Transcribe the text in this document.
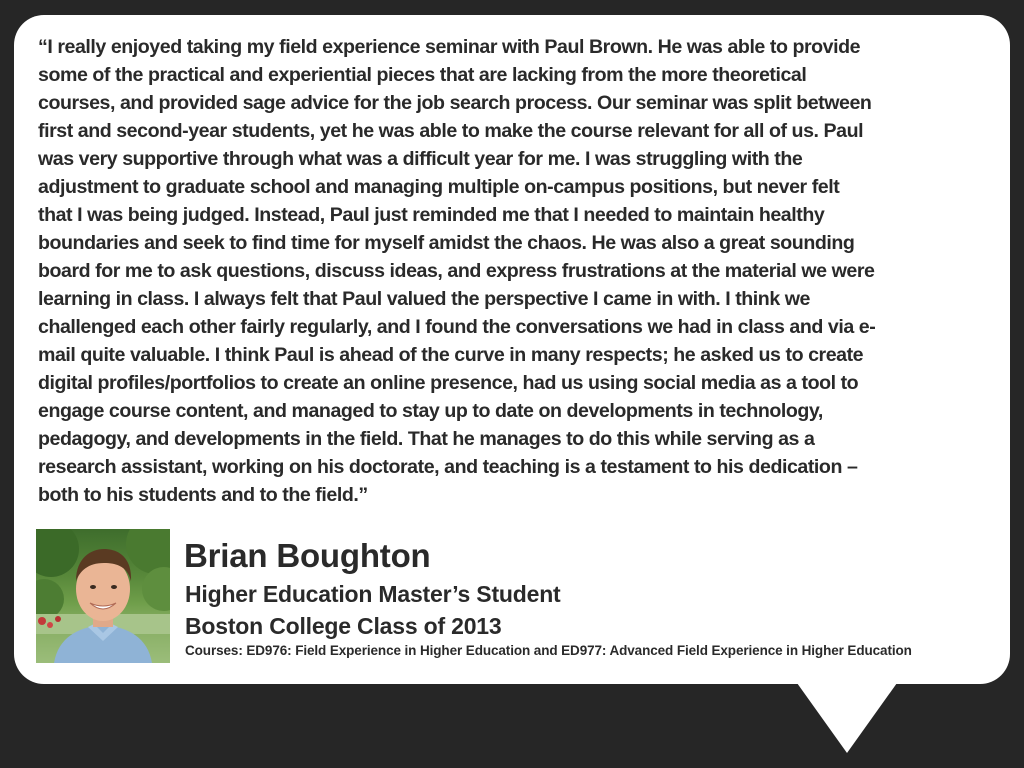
“I really enjoyed taking my field experience seminar with Paul Brown. He was able to provide
some of the practical and experiential pieces that are lacking from the more theoretical
courses, and provided sage advice for the job search process. Our seminar was split between
first and second-year students, yet he was able to make the course relevant for all of us. Paul
was very supportive through what was a difficult year for me. I was struggling with the
adjustment to graduate school and managing multiple on-campus positions, but never felt
that I was being judged. Instead, Paul just reminded me that I needed to maintain healthy
boundaries and seek to find time for myself amidst the chaos. He was also a great sounding
board for me to ask questions, discuss ideas, and express frustrations at the material we were
learning in class. I always felt that Paul valued the perspective I came in with. I think we
challenged each other fairly regularly, and I found the conversations we had in class and via e-
mail quite valuable. I think Paul is ahead of the curve in many respects; he asked us to create
digital profiles/portfolios to create an online presence, had us using social media as a tool to
engage course content, and managed to stay up to date on developments in technology,
pedagogy, and developments in the field. That he manages to do this while serving as a
research assistant, working on his doctorate, and teaching is a testament to his dedication –
both to his students and to the field.”

Brian Boughton
Higher Education Master’s Student
Boston College Class of 2013
Courses: ED976: Field Experience in Higher Education and ED977: Advanced Field Experience in Higher Education
